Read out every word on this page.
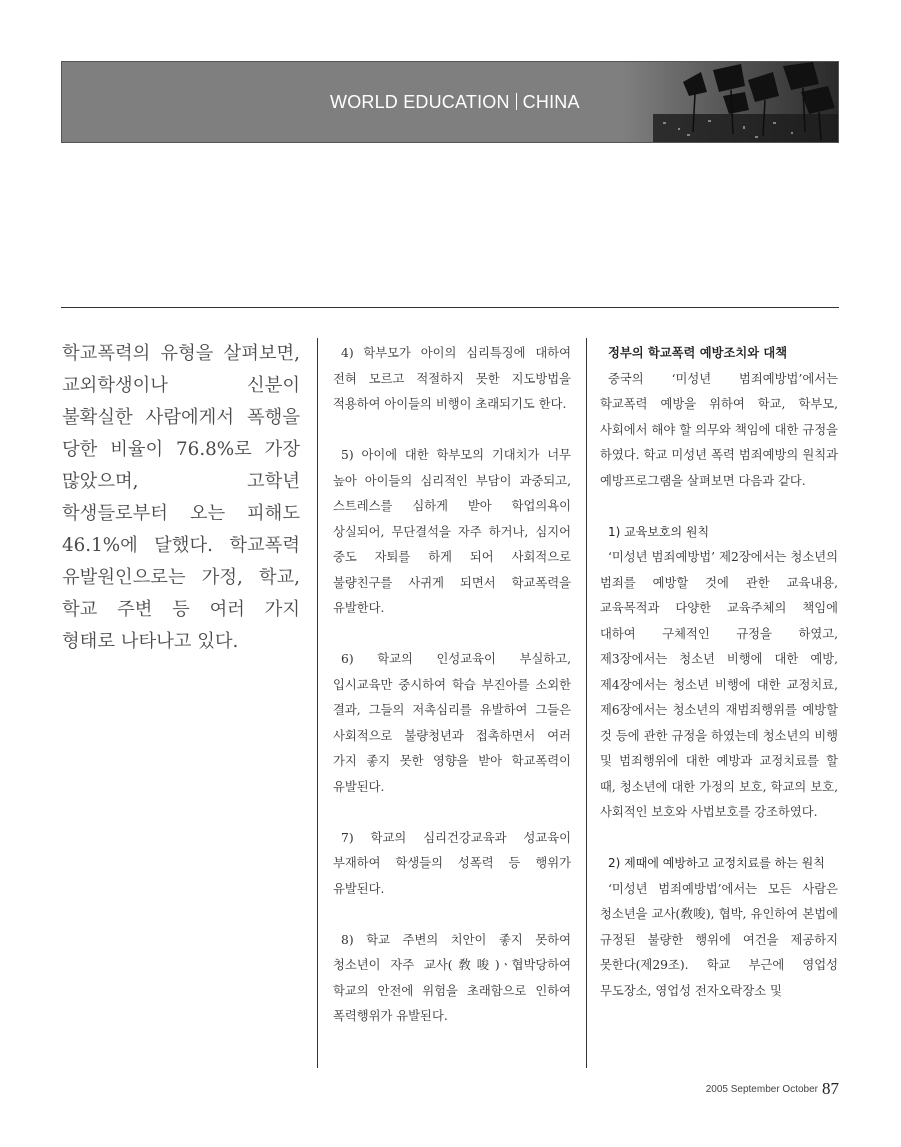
WORLD EDUCATION CHINA
학교폭력의 유형을 살펴보면, 교외학생이나 신분이 불확실한 사람에게서 폭행을 당한 비율이 76.8%로 가장 많았으며, 고학년 학생들로부터 오는 피해도 46.1%에 달했다. 학교폭력 유발원인으로는 가정, 학교, 학교 주변 등 여러 가지 형태로 나타나고 있다.

4) 학부모가 아이의 심리특징에 대하여 전혀 모르고 적절하지 못한 지도방법을 적용하여 아이들의 비행이 초래되기도 한다.

5) 아이에 대한 학부모의 기대치가 너무 높아 아이들의 심리적인 부담이 과중되고, 스트레스를 심하게 받아 학업의욕이 상실되어, 무단결석을 자주 하거나, 심지어 중도 자퇴를 하게 되어 사회적으로 불량친구를 사귀게 되면서 학교폭력을 유발한다.

6) 학교의 인성교육이 부실하고, 입시교육만 중시하여 학습 부진아를 소외한 결과, 그들의 저촉심리를 유발하여 그들은 사회적으로 불량청년과 접촉하면서 여러 가지 좋지 못한 영향을 받아 학교폭력이 유발된다.

7) 학교의 심리건강교육과 성교육이 부재하여 학생들의 성폭력 등 행위가 유발된다.

8) 학교 주변의 치안이 좋지 못하여 청소년이 자주 교사(敎唆)ㆍ협박당하여 학교의 안전에 위험을 초래함으로 인하여 폭력행위가 유발된다.

정부의 학교폭력 예방조치와 대책
중국의 ‘미성년 범죄예방법’에서는 학교폭력 예방을 위하여 학교, 학부모, 사회에서 해야 할 의무와 책임에 대한 규정을 하였다. 학교 미성년 폭력 범죄예방의 원칙과 예방프로그램을 살펴보면 다음과 같다.
1) 교육보호의 원칙
‘미성년 범죄예방법’ 제2장에서는 청소년의 범죄를 예방할 것에 관한 교육내용, 교육목적과 다양한 교육주체의 책임에 대하여 구체적인 규정을 하였고, 제3장에서는 청소년 비행에 대한 예방, 제4장에서는 청소년 비행에 대한 교정치료, 제6장에서는 청소년의 재범죄행위를 예방할 것 등에 관한 규정을 하였는데 청소년의 비행 및 범죄행위에 대한 예방과 교정치료를 할 때, 청소년에 대한 가정의 보호, 학교의 보호, 사회적인 보호와 사법보호를 강조하였다.
2) 제때에 예방하고 교정치료를 하는 원칙
‘미성년 범죄예방법’에서는 모든 사람은 청소년을 교사(敎唆), 협박, 유인하여 본법에 규정된 불량한 행위에 여건을 제공하지 못한다(제29조). 학교 부근에 영업성 무도장소, 영업성 전자오락장소 및
2005 September October 87
